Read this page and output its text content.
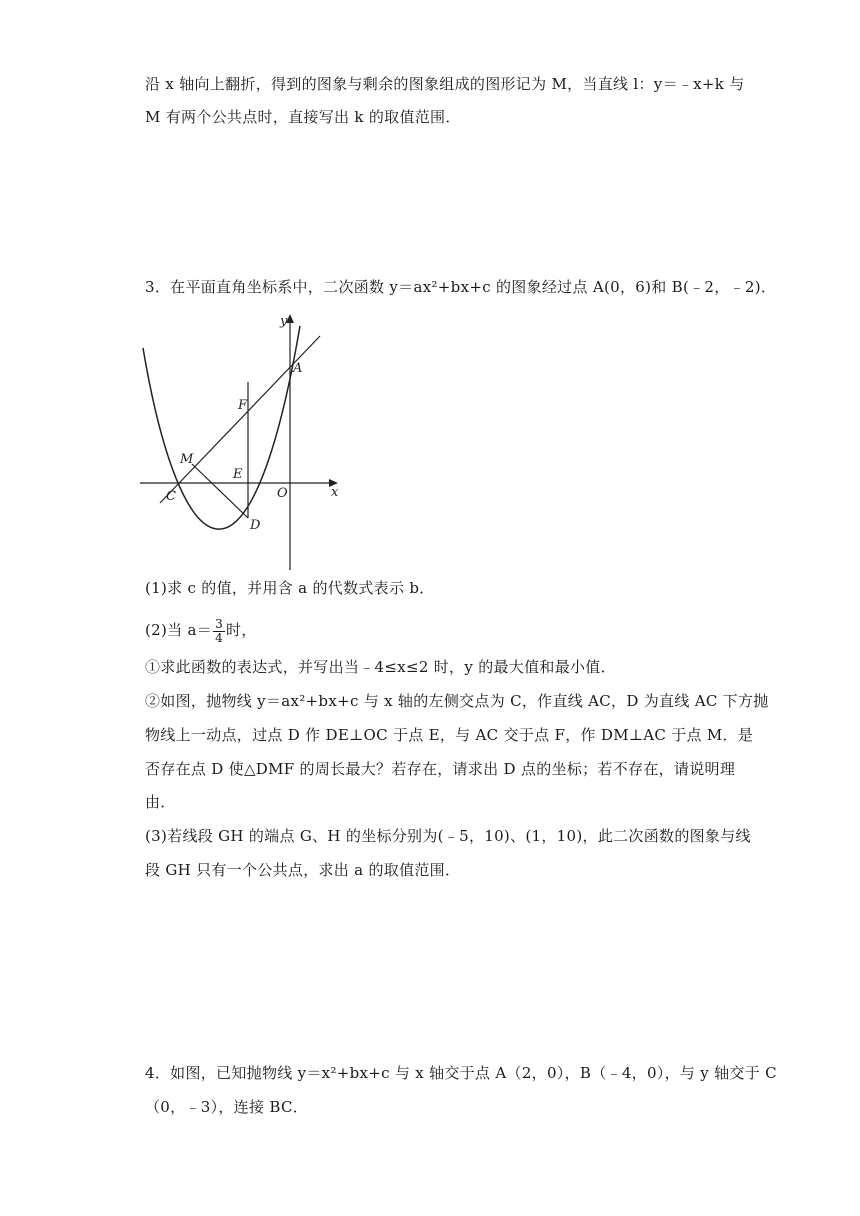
沿 x 轴向上翻折，得到的图象与剩余的图象组成的图形记为 M，当直线 l：y＝﹣x+k 与
M 有两个公共点时，直接写出 k 的取值范围．
3．在平面直角坐标系中，二次函数 y＝ax²+bx+c 的图象经过点 A(0，6)和 B(﹣2，﹣2)．
y
x
O
A
F
M
E
C
D
(1)求 c 的值，并用含 a 的代数式表示 b．
(2)当 $a= \frac{3}{4}$ 时，
①求此函数的表达式，并写出当﹣4≤x≤2 时，y 的最大值和最小值．
②如图，抛物线 y＝ax²+bx+c 与 x 轴的左侧交点为 C，作直线 AC，D 为直线 AC 下方抛
物线上一动点，过点 D 作 DE⊥OC 于点 E，与 AC 交于点 F，作 DM⊥AC 于点 M．是
否存在点 D 使△DMF 的周长最大？若存在，请求出 D 点的坐标；若不存在，请说明理
由．
(3)若线段 GH 的端点 G、H 的坐标分别为(﹣5，10)、(1，10)，此二次函数的图象与线
段 GH 只有一个公共点，求出 a 的取值范围．
4．如图，已知抛物线 y＝x²+bx+c 与 x 轴交于点 A（2，0），B（﹣4，0），与 y 轴交于 C
（0，﹣3），连接 BC．
